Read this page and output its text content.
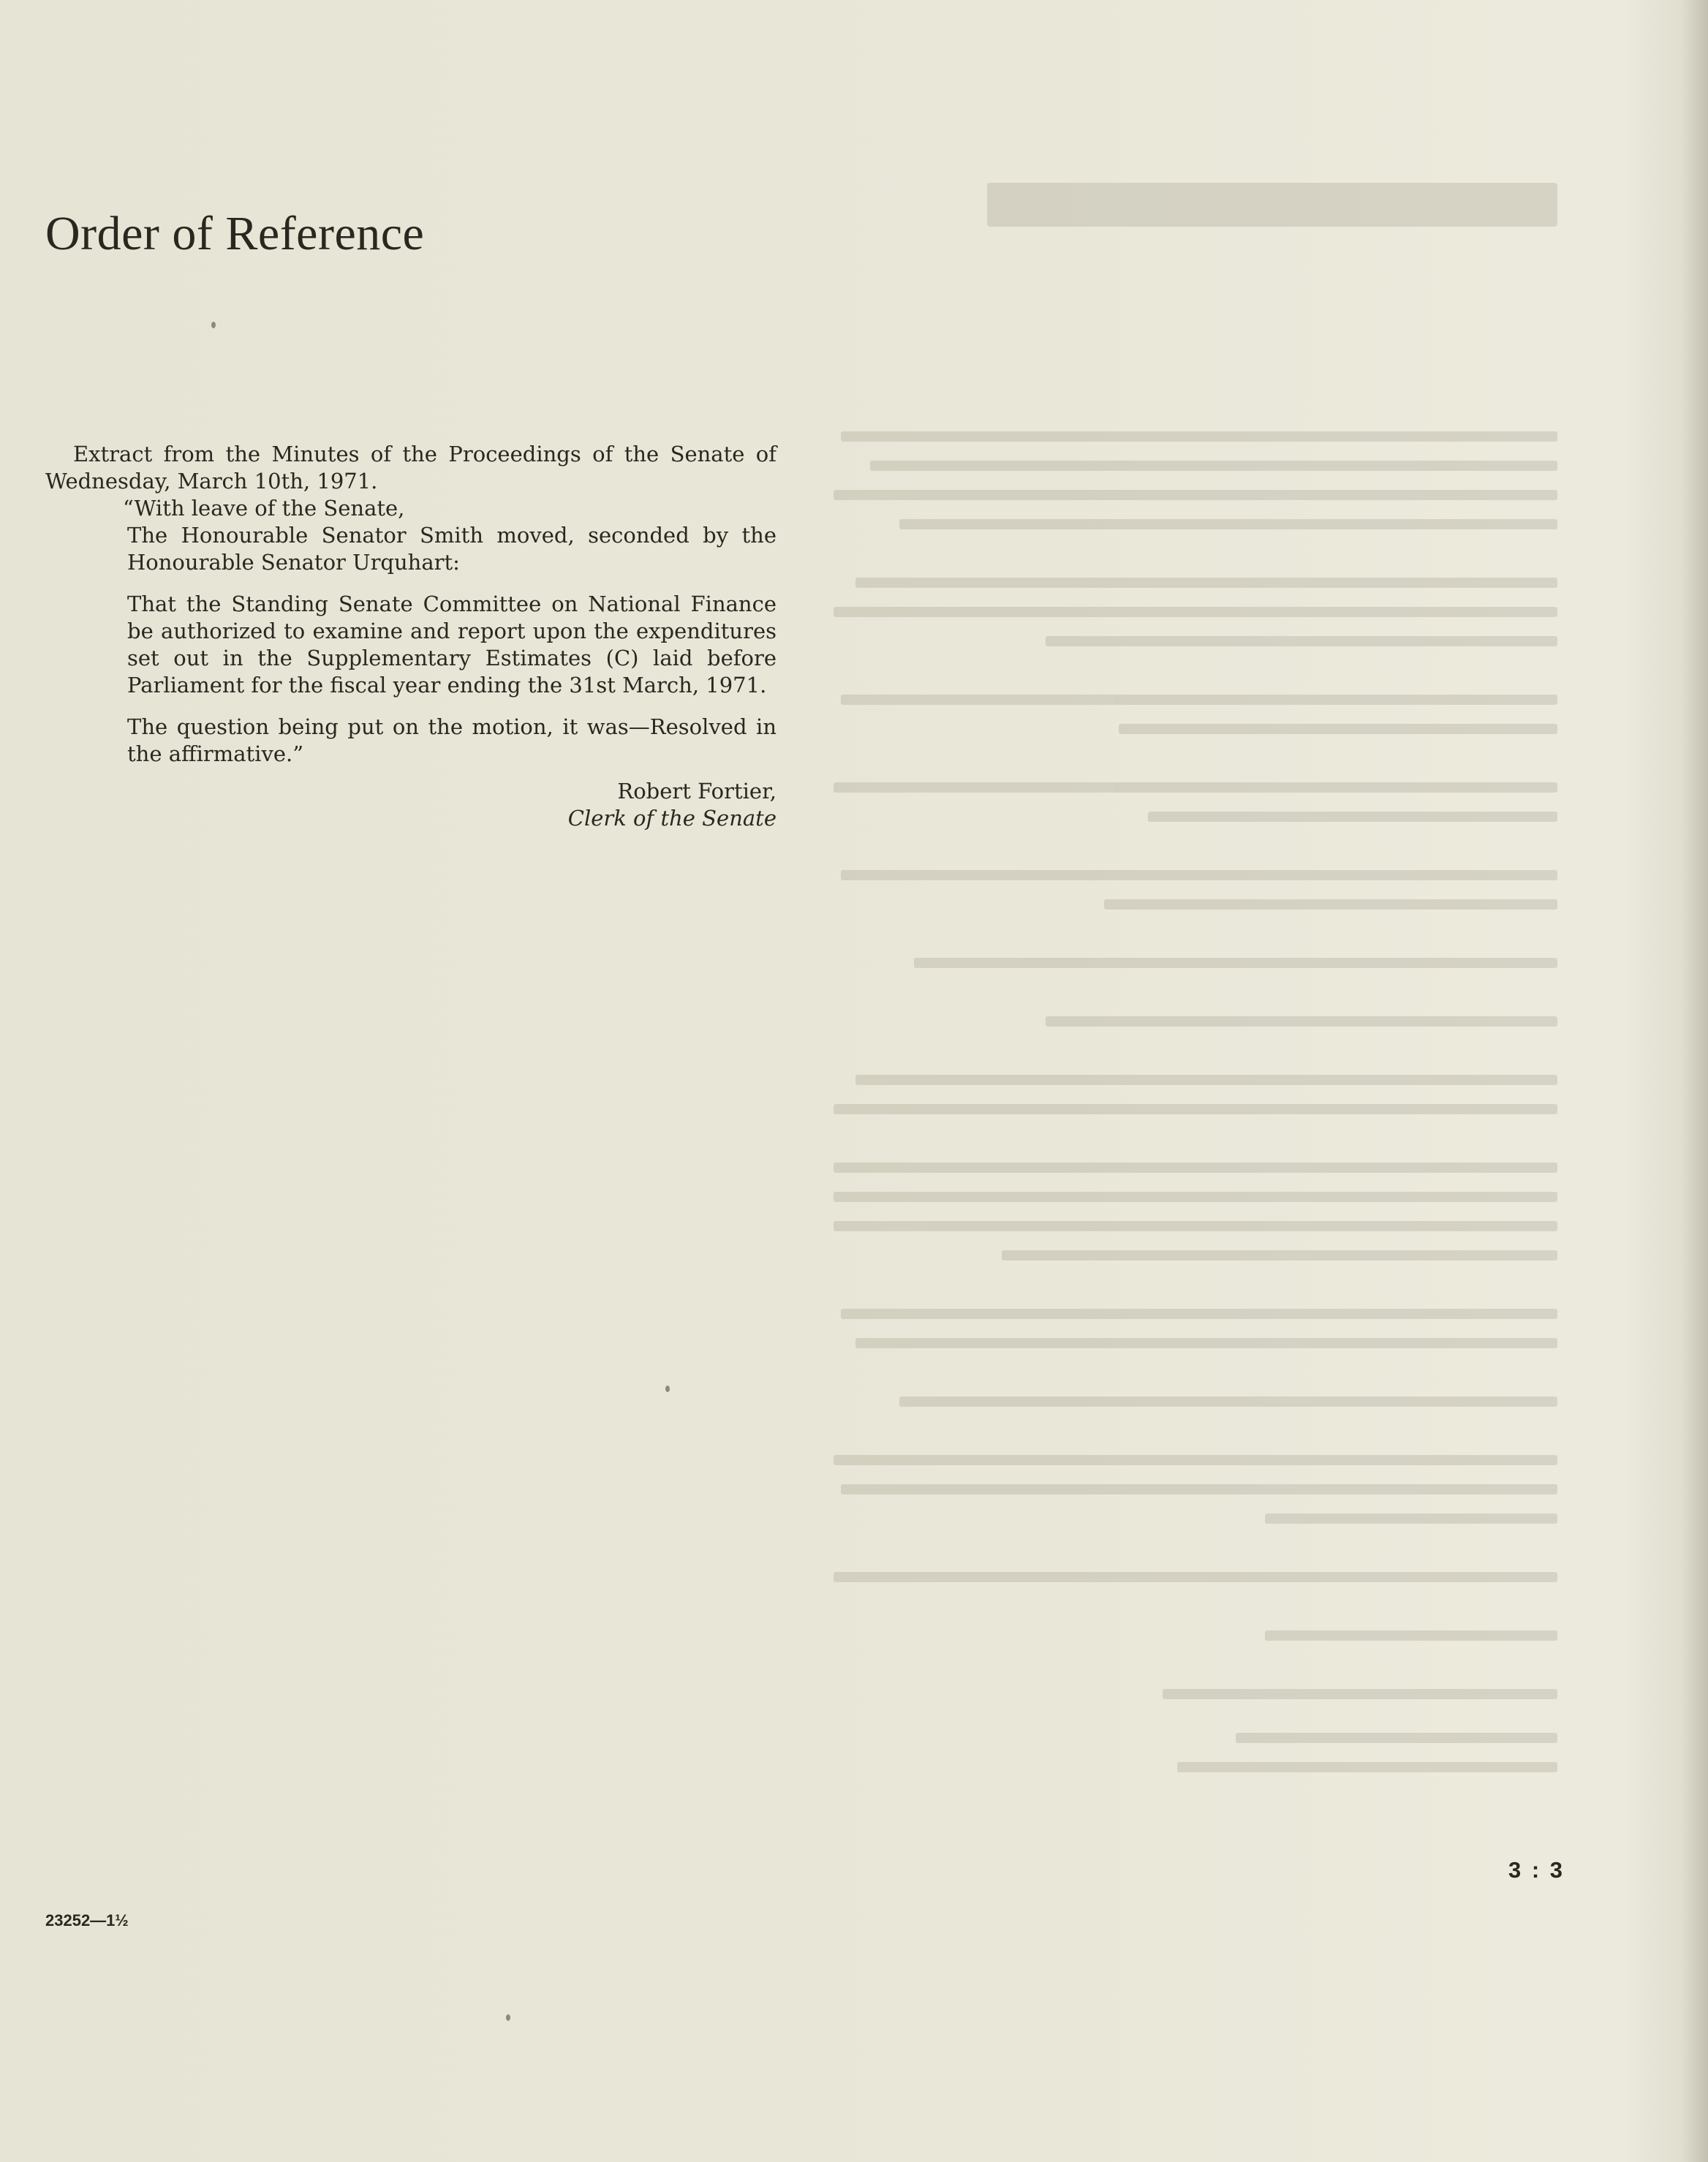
Order of Reference

Extract from the Minutes of the Proceedings of the Senate of Wednesday, March 10th, 1971.

“With leave of the Senate,

The Honourable Senator Smith moved, seconded by the Honourable Senator Urquhart:

That the Standing Senate Committee on National Finance be authorized to examine and report upon the expenditures set out in the Supplementary Estimates (C) laid before Parliament for the fiscal year ending the 31st March, 1971.

The question being put on the motion, it was—Resolved in the affirmative.”

Robert Fortier,

Clerk of the Senate

23252—1½
3 : 3
